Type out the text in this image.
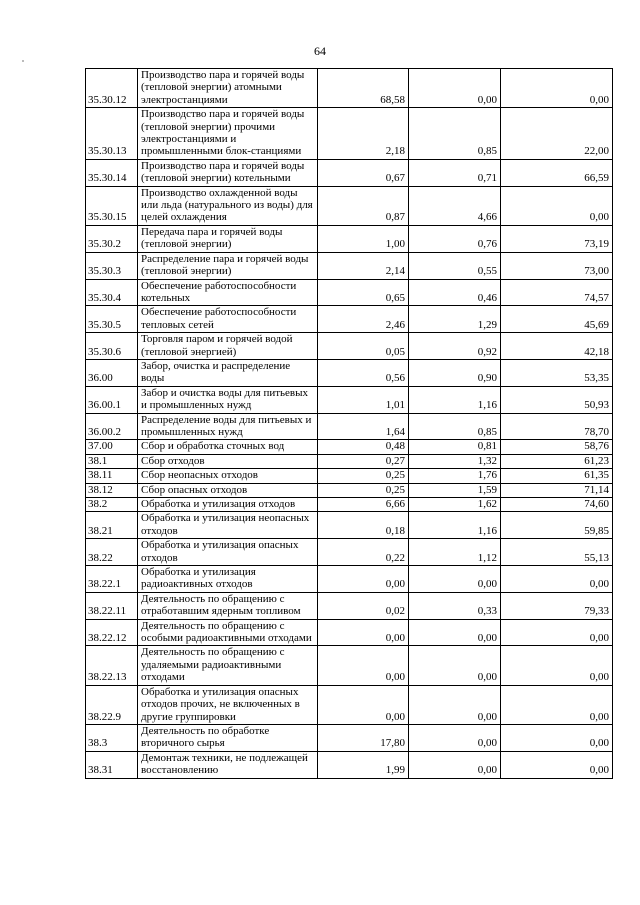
64
35.30.12	Производство пара и горячей воды (тепловой энергии) атомными электростанциями	68,58	0,00	0,00
35.30.13	Производство пара и горячей воды (тепловой энергии) прочими электростанциями и промышленными блок-станциями	2,18	0,85	22,00
35.30.14	Производство пара и горячей воды (тепловой энергии) котельными	0,67	0,71	66,59
35.30.15	Производство охлажденной воды или льда (натурального из воды) для целей охлаждения	0,87	4,66	0,00
35.30.2	Передача пара и горячей воды (тепловой энергии)	1,00	0,76	73,19
35.30.3	Распределение пара и горячей воды (тепловой энергии)	2,14	0,55	73,00
35.30.4	Обеспечение работоспособности котельных	0,65	0,46	74,57
35.30.5	Обеспечение работоспособности тепловых сетей	2,46	1,29	45,69
35.30.6	Торговля паром и горячей водой (тепловой энергией)	0,05	0,92	42,18
36.00	Забор, очистка и распределение воды	0,56	0,90	53,35
36.00.1	Забор и очистка воды для питьевых и промышленных нужд	1,01	1,16	50,93
36.00.2	Распределение воды для питьевых и промышленных нужд	1,64	0,85	78,70
37.00	Сбор и обработка сточных вод	0,48	0,81	58,76
38.1	Сбор отходов	0,27	1,32	61,23
38.11	Сбор неопасных отходов	0,25	1,76	61,35
38.12	Сбор опасных отходов	0,25	1,59	71,14
38.2	Обработка и утилизация отходов	6,66	1,62	74,60
38.21	Обработка и утилизация неопасных отходов	0,18	1,16	59,85
38.22	Обработка и утилизация опасных отходов	0,22	1,12	55,13
38.22.1	Обработка и утилизация радиоактивных отходов	0,00	0,00	0,00
38.22.11	Деятельность по обращению с отработавшим ядерным топливом	0,02	0,33	79,33
38.22.12	Деятельность по обращению с особыми радиоактивными отходами	0,00	0,00	0,00
38.22.13	Деятельность по обращению с удаляемыми радиоактивными отходами	0,00	0,00	0,00
38.22.9	Обработка и утилизация опасных отходов прочих, не включенных в другие группировки	0,00	0,00	0,00
38.3	Деятельность по обработке вторичного сырья	17,80	0,00	0,00
38.31	Демонтаж техники, не подлежащей восстановлению	1,99	0,00	0,00
